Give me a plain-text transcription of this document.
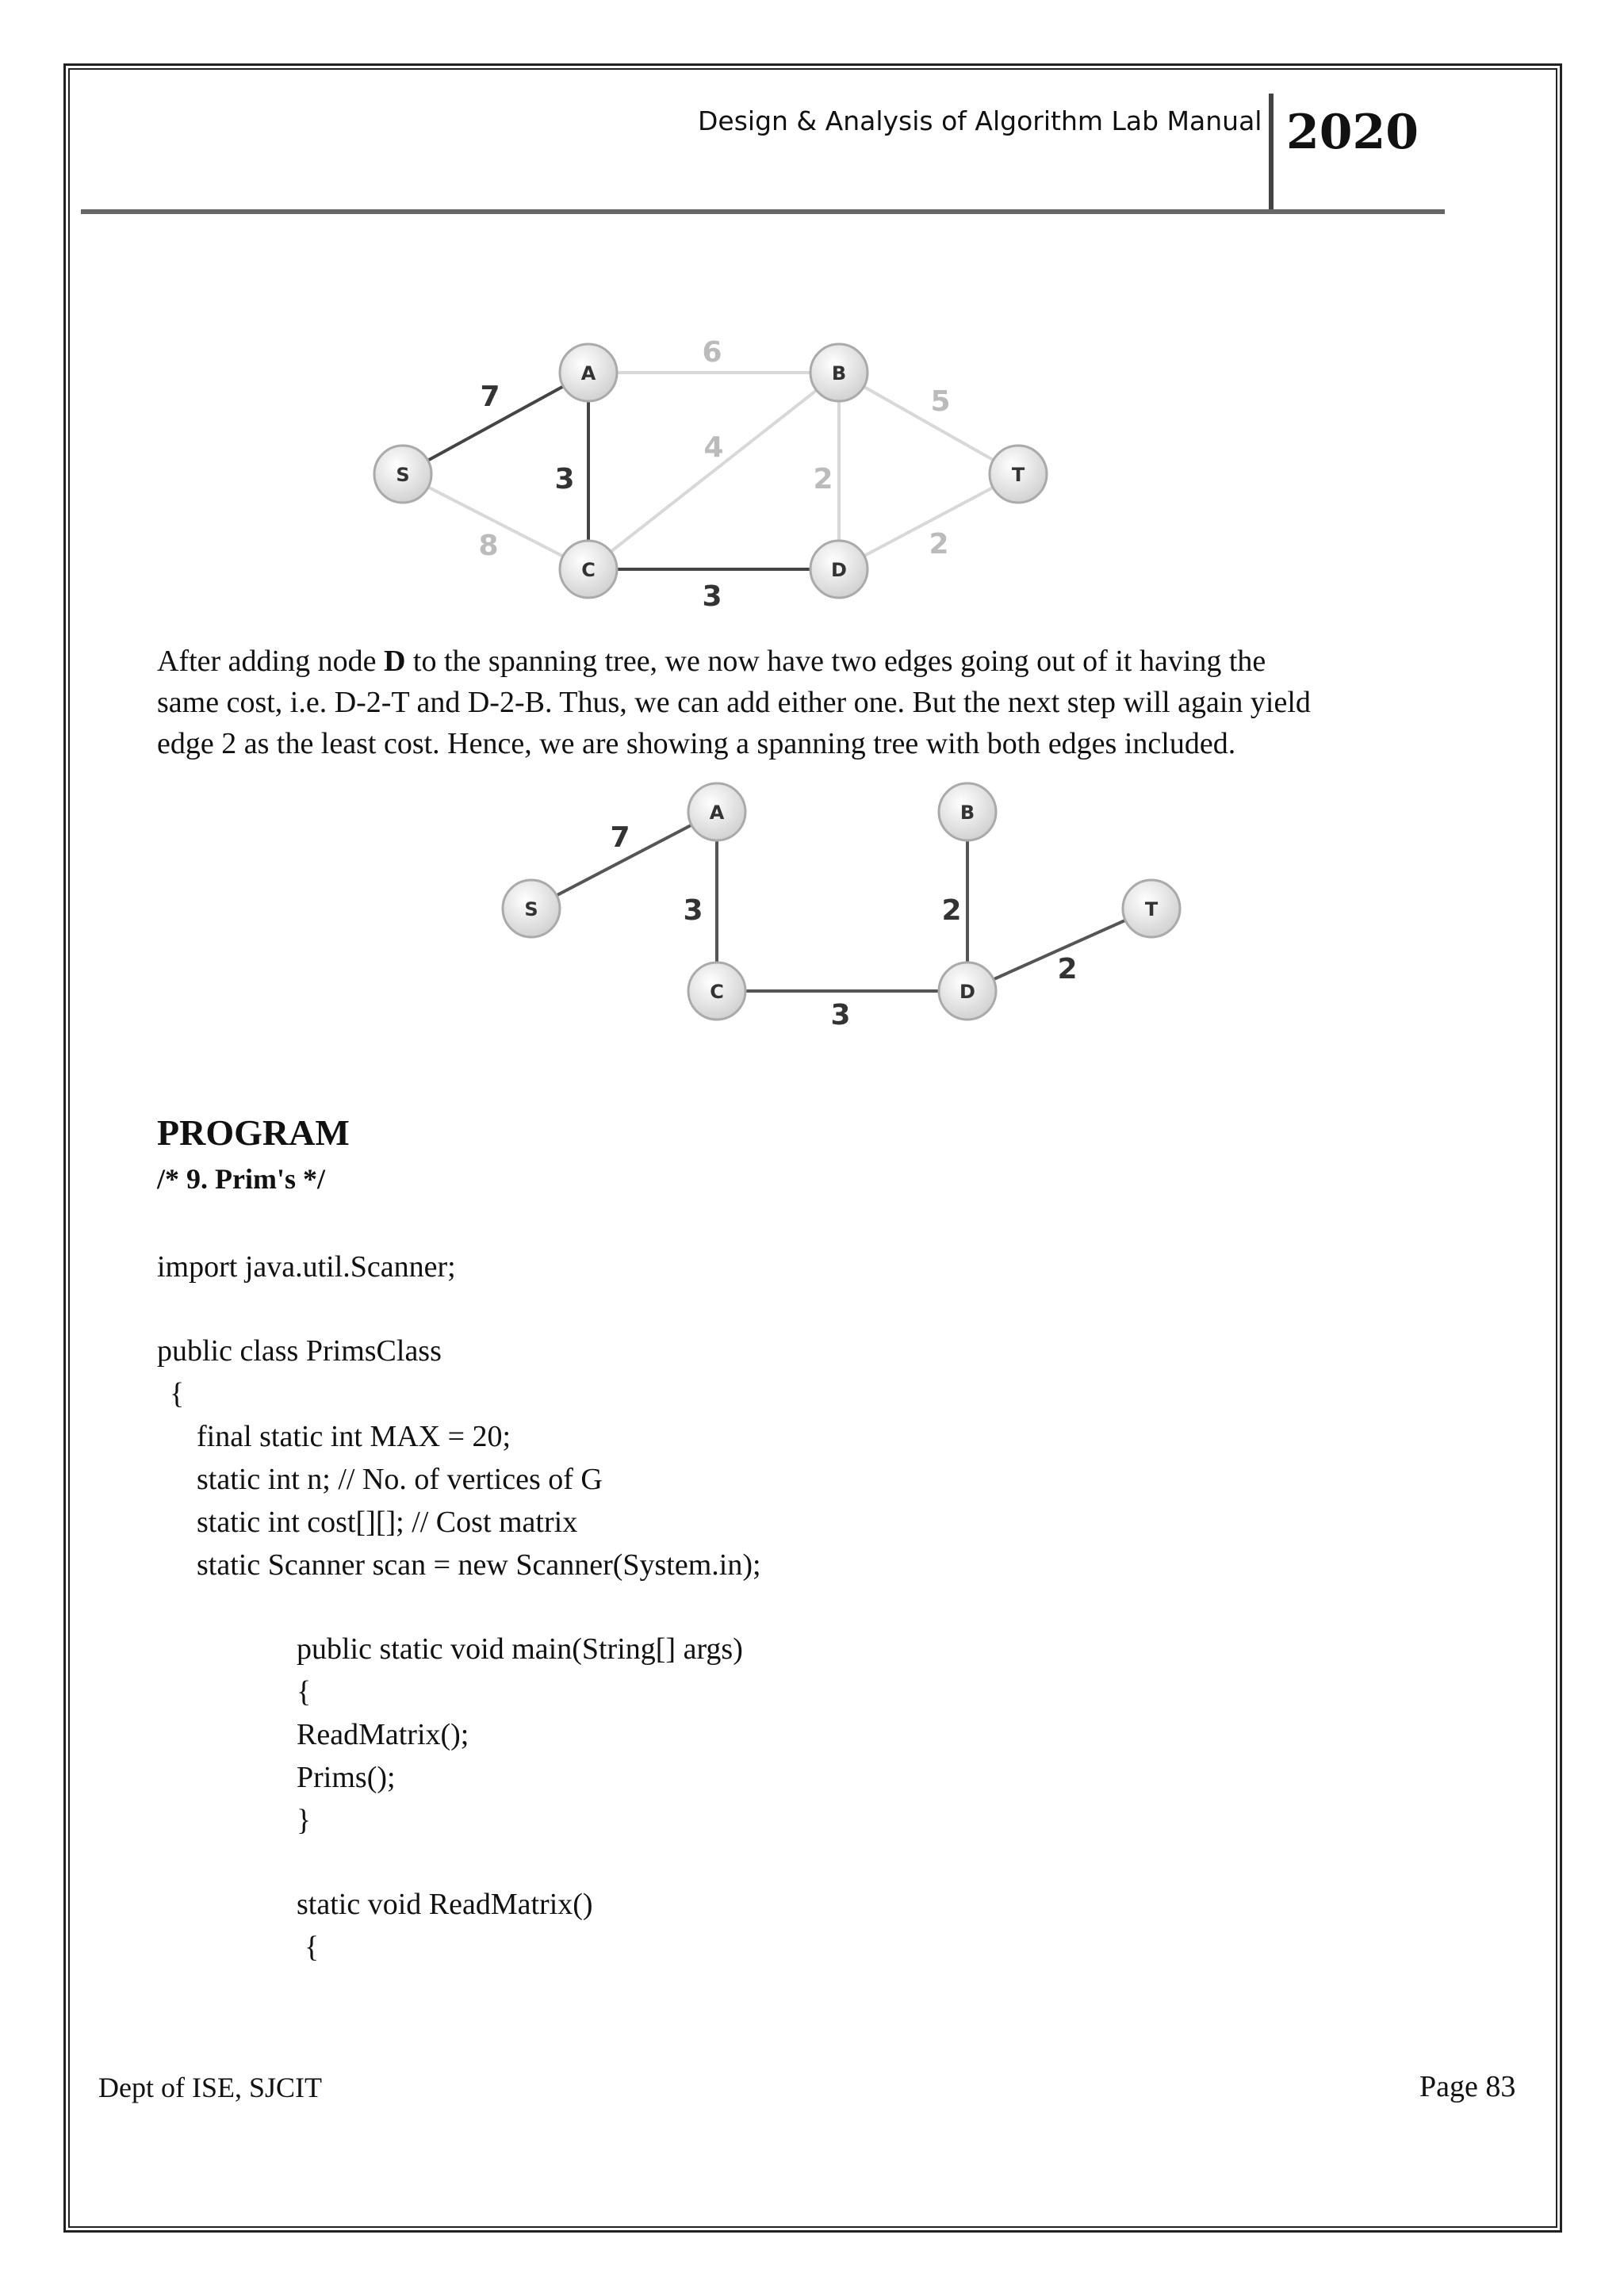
Design & Analysis of Algorithm Lab Manual 2020
7
6
5
4
3	2
8	2
3
A	B
S	T
C	D
After adding node D to the spanning tree, we now have two edges going out of it having the
same cost, i.e. D-2-T and D-2-B. Thus, we can add either one. But the next step will again yield
edge 2 as the least cost. Hence, we are showing a spanning tree with both edges included.
7
3	2
3
2
A	B
S	T
C	D
PROGRAM
/* 9. Prim's */
import java.util.Scanner;
public class PrimsClass
{
final static int MAX = 20;
static int n; // No. of vertices of G
static int cost[][]; // Cost matrix
static Scanner scan = new Scanner(System.in);
public static void main(String[] args)
{
ReadMatrix();
Prims();
}
static void ReadMatrix()
{
Dept of ISE, SJCIT	Page 83
